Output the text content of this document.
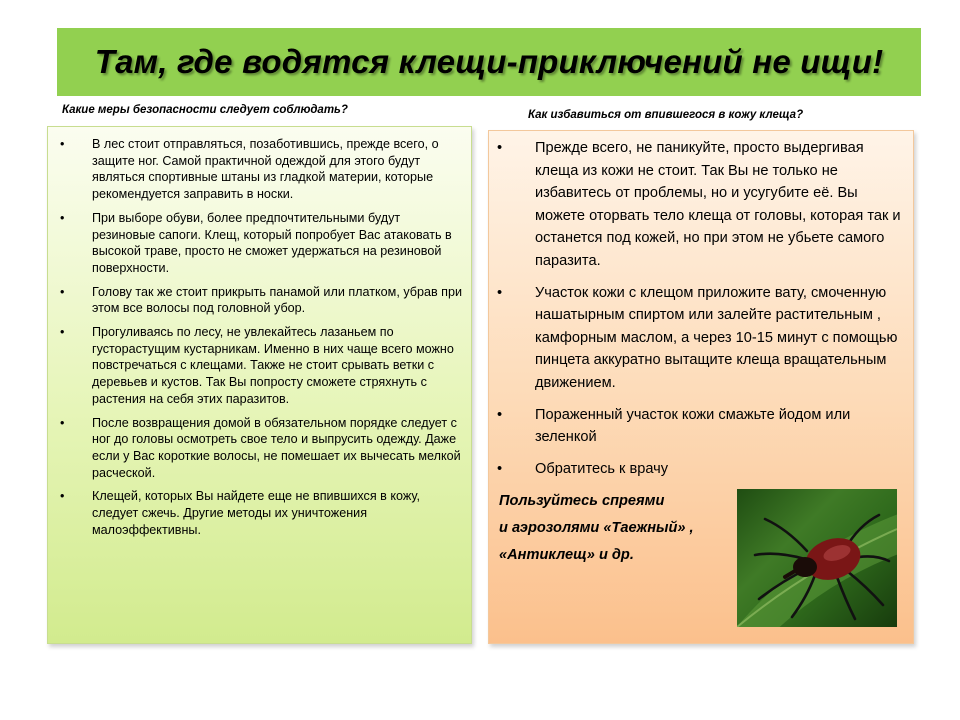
Там, где водятся клещи-приключений не ищи!
Какие меры безопасности следует соблюдать?	Как избавиться от впившегося в кожу клеща?
• В лес стоит отправляться, позаботившись, прежде всего, о защите ног. Самой практичной одеждой для этого будут являться спортивные штаны из гладкой материи, которые рекомендуется заправить в носки.
• При выборе обуви, более предпочтительными будут резиновые сапоги. Клещ, который попробует Вас атаковать в высокой траве, просто не сможет удержаться на резиновой поверхности.
• Голову так же стоит прикрыть панамой или платком, убрав при этом все волосы под головной убор.
• Прогуливаясь по лесу, не увлекайтесь лазаньем по густорастущим кустарникам. Именно в них чаще всего можно повстречаться с клещами. Также не стоит срывать ветки с деревьев и кустов. Так Вы попросту сможете стряхнуть с растения на себя этих паразитов.
• После возвращения домой в обязательном порядке следует с ног до головы осмотреть свое тело и выпрусить одежду. Даже если у Вас короткие волосы, не помешает их вычесать мелкой расческой.
• Клещей, которых Вы найдете еще не впившихся в кожу, следует сжечь. Другие методы их уничтожения малоэффективны.
• Прежде всего, не паникуйте, просто выдергивая клеща из кожи не стоит. Так Вы не только не избавитесь от проблемы, но и усугубите её. Вы можете оторвать тело клеща от головы, которая так и останется под кожей, но при этом не убьете самого паразита.
• Участок кожи с клещом приложите вату, смоченную нашатырным спиртом или залейте растительным , камфорным маслом, а через 10-15 минут с помощью пинцета аккуратно вытащите клеща вращательным движением.
• Пораженный участок кожи смажьте йодом или зеленкой
• Обратитесь к врачу
Пользуйтесь спреями
и аэрозолями «Таежный» ,
«Антиклещ» и др.
